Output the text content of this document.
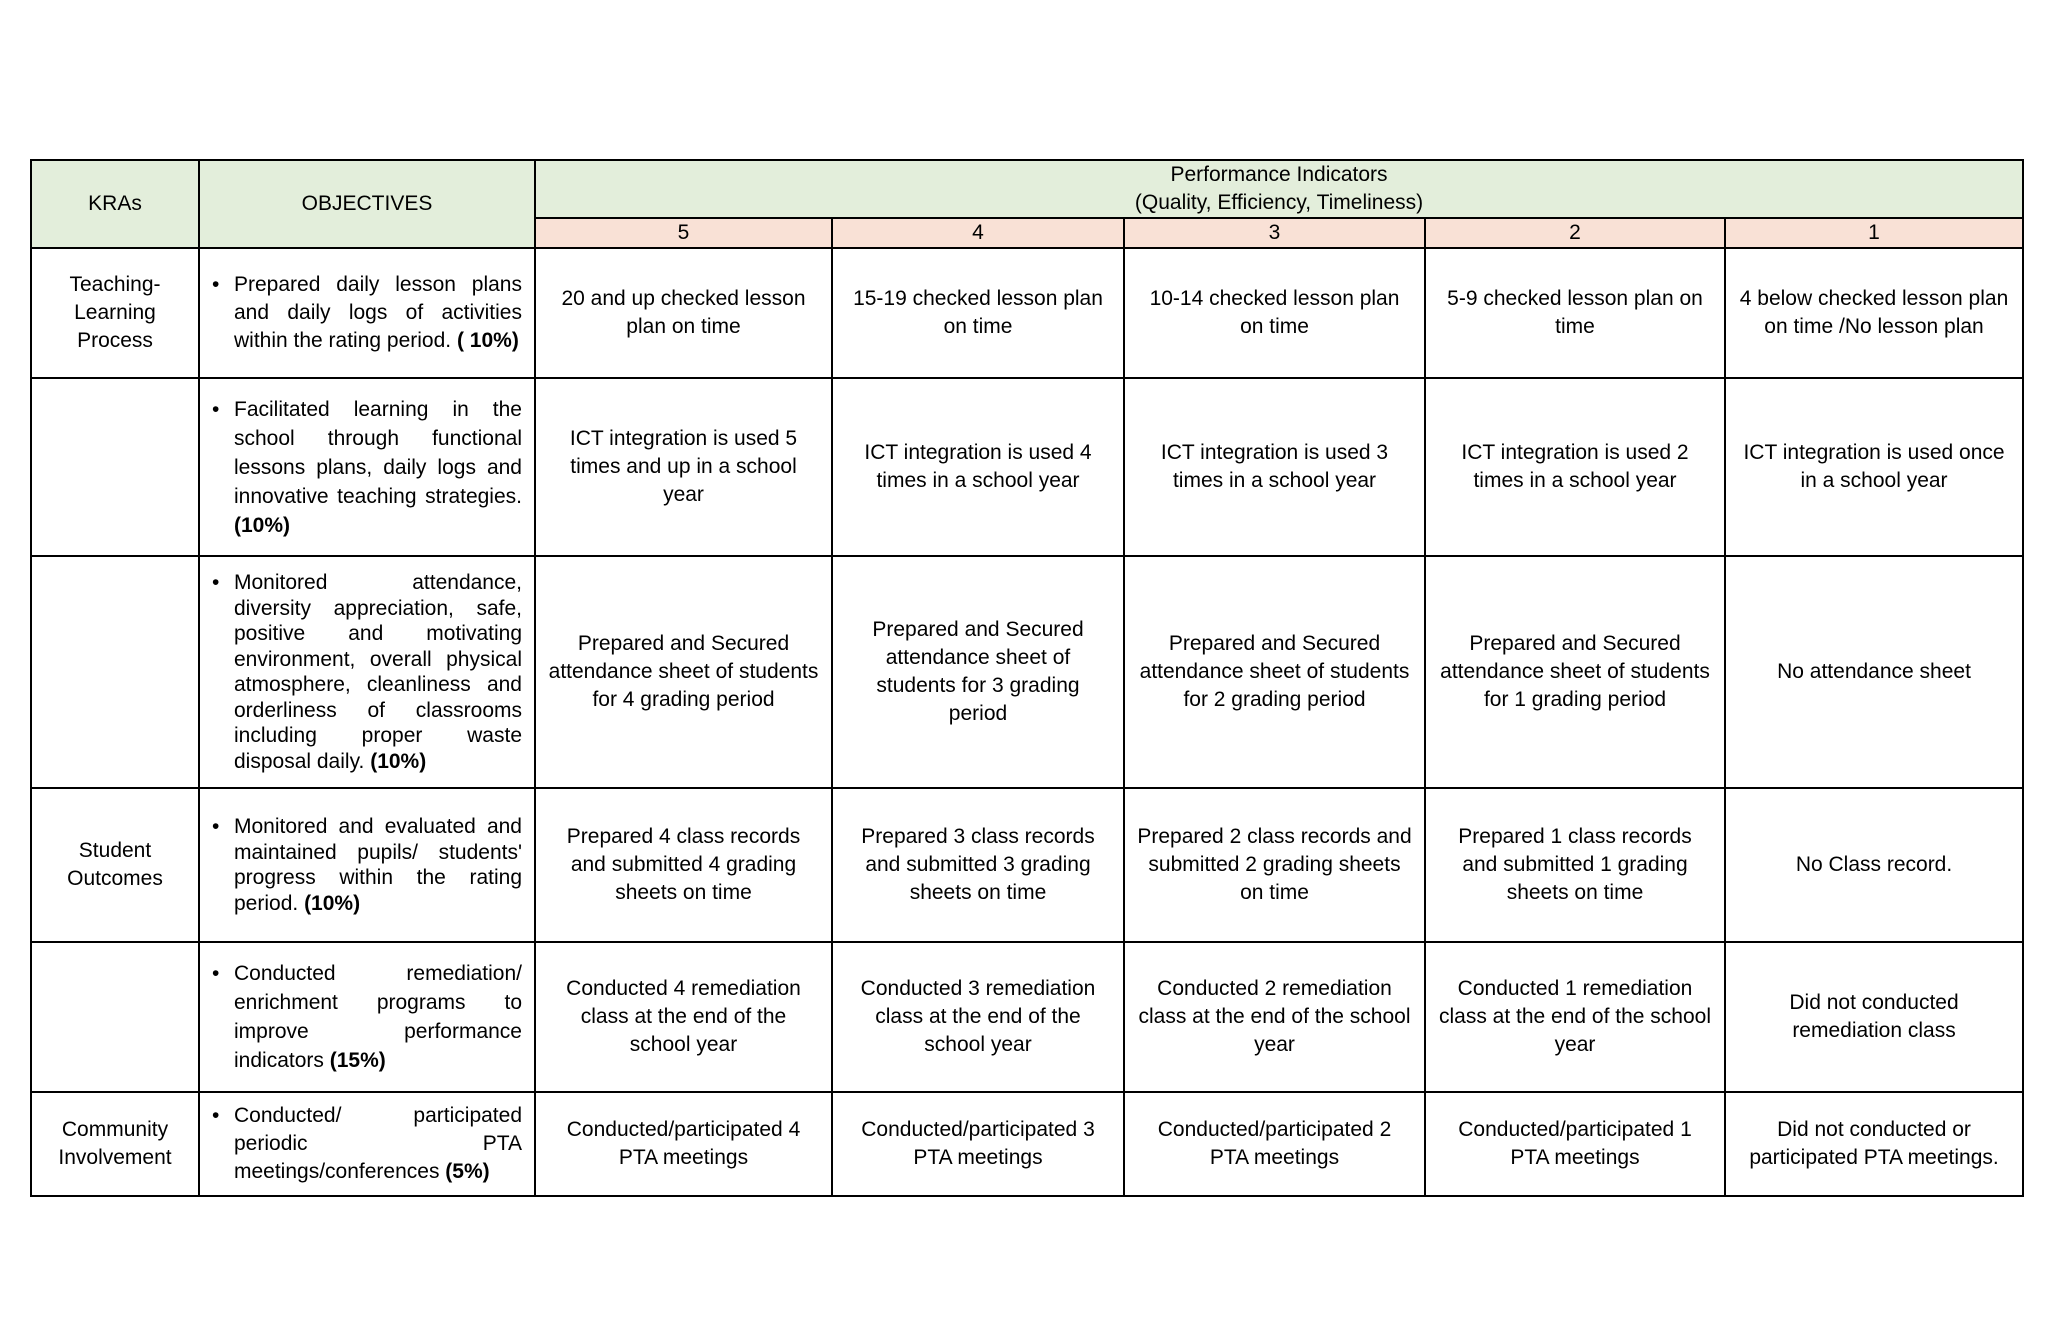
KRAs	OBJECTIVES	Performance Indicators
(Quality, Efficiency, Timeliness)				

		5	4	3	2	1
Teaching-Learning Process	• Prepared daily lesson plans and daily logs of activities within the rating period. ( 10%)	20 and up checked lesson plan on time	15-19 checked lesson plan on time	10-14 checked lesson plan on time	5-9 checked lesson plan on time	4 below checked lesson plan on time /No lesson plan

	• Facilitated learning in the school through functional lessons plans, daily logs and innovative teaching strategies. (10%)	ICT integration is used 5 times and up in a school year	ICT integration is used 4 times in a school year	ICT integration is used 3 times in a school year	ICT integration is used 2 times in a school year	ICT integration is used once in a school year

	• Monitored attendance, diversity appreciation, safe, positive and motivating environment, overall physical atmosphere, cleanliness and orderliness of classrooms including proper waste disposal daily. (10%)	Prepared and Secured attendance sheet of students for 4 grading period	Prepared and Secured attendance sheet of students for 3 grading period	Prepared and Secured attendance sheet of students for 2 grading period	Prepared and Secured attendance sheet of students for 1 grading period	No attendance sheet
Student Outcomes	• Monitored and evaluated and maintained pupils/ students' progress within the rating period. (10%)	Prepared 4 class records and submitted 4 grading sheets on time	Prepared 3 class records and submitted 3 grading sheets on time	Prepared 2 class records and submitted 2 grading sheets on time	Prepared 1 class records and submitted 1 grading sheets on time	No Class record.

	• Conducted remediation/ enrichment programs to improve performance indicators (15%)	Conducted 4 remediation class at the end of the school year	Conducted 3 remediation class at the end of the school year	Conducted 2 remediation class at the end of the school year	Conducted 1 remediation class at the end of the school year	Did not conducted remediation class
Community Involvement	• Conducted/ participated periodic PTA meetings/conferences (5%)	Conducted/participated 4 PTA meetings	Conducted/participated 3 PTA meetings	Conducted/participated 2 PTA meetings	Conducted/participated 1 PTA meetings	Did not conducted or participated PTA meetings.
